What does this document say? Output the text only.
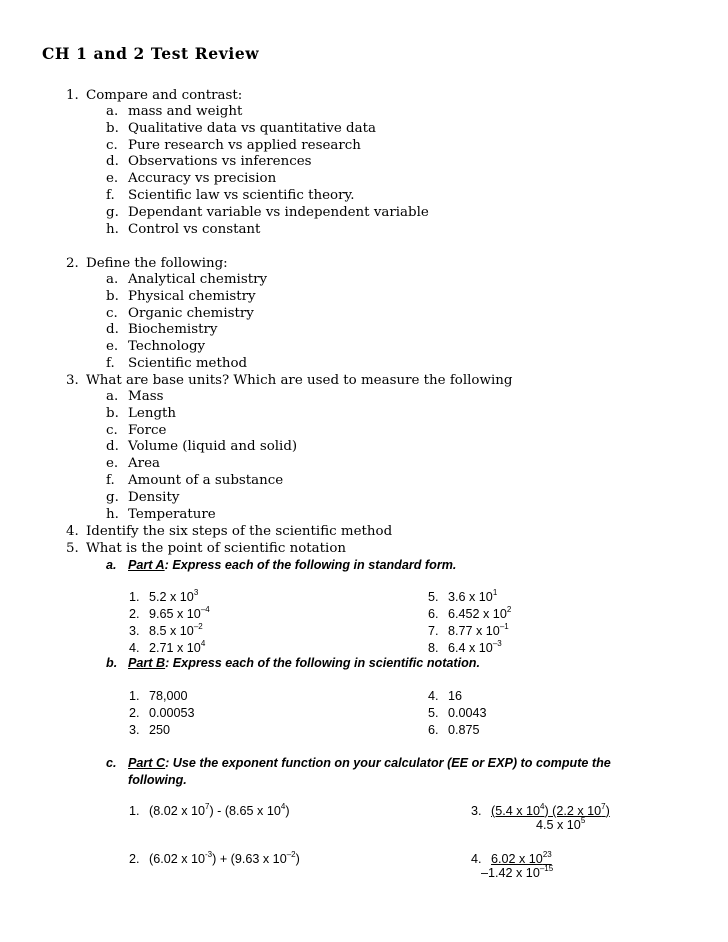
CH 1 and 2 Test Review
1. Compare and contrast:
a. mass and weight
b. Qualitative data vs quantitative data
c. Pure research vs applied research
d. Observations vs inferences
e. Accuracy vs precision
f. Scientific law vs scientific theory.
g. Dependant variable vs independent variable
h. Control vs constant
2. Define the following:
a. Analytical chemistry
b. Physical chemistry
c. Organic chemistry
d. Biochemistry
e. Technology
f. Scientific method
3. What are base units? Which are used to measure the following
a. Mass
b. Length
c. Force
d. Volume (liquid and solid)
e. Area
f. Amount of a substance
g. Density
h. Temperature
4. Identify the six steps of the scientific method
5. What is the point of scientific notation
a. Part A: Express each of the following in standard form.
1. 5.2 x $10^3$
2. 9.65 x $10^{-4}$
3. 8.5 x $10^{-2}$
4. 2.71 x $10^4$
5. 3.6 x $10^1$
6. 6.452 x $10^2$
7. 8.77 x $10^{-1}$
8. 6.4 x $10^{-3}$
b. Part B: Express each of the following in scientific notation.
1. 78,000
2. 0.00053
3. 250
4. 16
5. 0.0043
6. 0.875
c. Part C: Use the exponent function on your calculator (EE or EXP) to compute the
following.
1. (8.02 x $10^7) - (8.65$ x $10^4$)
2. (6.02 x $10^{-3}) + (9.63$ x $10^{-2}$)
3. (5.4 x $10^4$) (2.2 x $10^7$)
4.5 x $10^5$
4. 6.02 x $10^{23}$
–1.42 x $10^{-15}$
